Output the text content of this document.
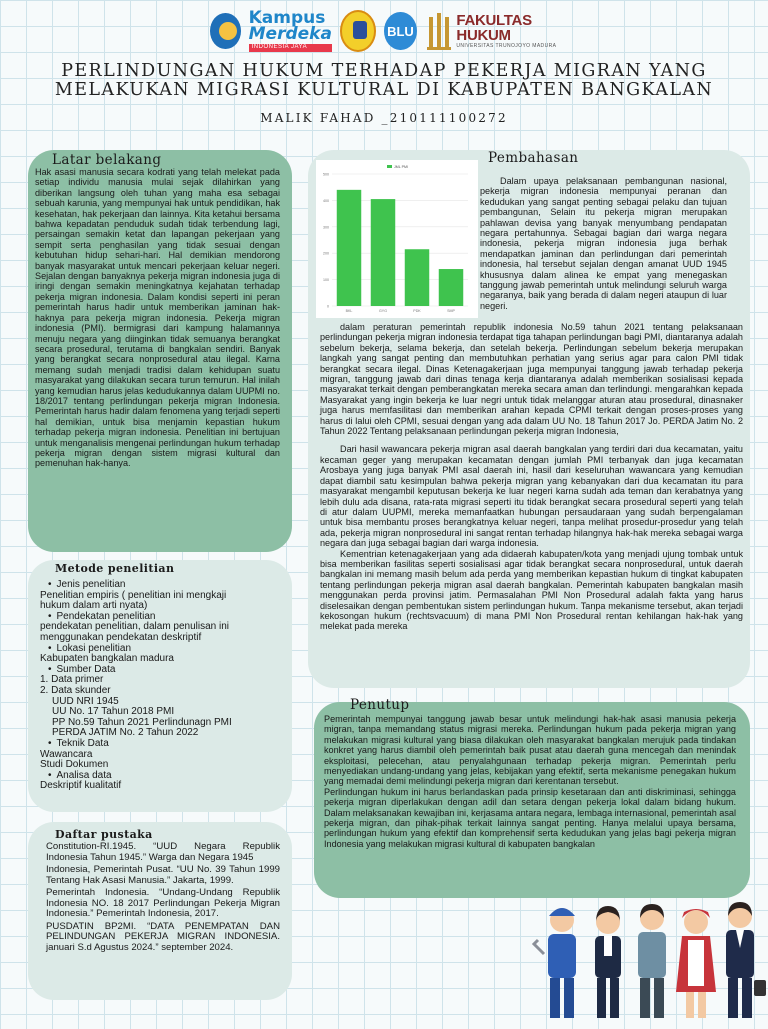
Kampus
Merdeka
INDONESIA JAYA
BLU
FAKULTAS HUKUM
UNIVERSITAS TRUNOJOYO MADURA
PERLINDUNGAN HUKUM TERHADAP PEKERJA MIGRAN YANG
MELAKUKAN MIGRASI KULTURAL DI KABUPATEN BANGKALAN
MALIK FAHAD _210111100272
Latar belakang
Hak asasi manusia secara kodrati yang telah melekat pada setiap individu manusia mulai sejak dilahirkan yang diberikan langsung oleh tuhan yang maha esa sebagai sebuah karunia, yang mempunyai hak untuk pendidikan, hak kesehatan, hak pekerjaan dan lainnya. Kita ketahui bersama bahwa kepadatan penduduk sudah tidak terbendung lagi, persaingan semakin ketat dan lapangan pekerjaan yang sempit serta penghasilan yang tidak sesuai dengan kebutuhan hidup sehari-hari. Hal demikian mendorong banyak masyarakat untuk mencari pekerjaan keluar negeri. Sejalan dengan banyaknya pekerja migran indonesia juga di iringi dengan semakin meningkatnya kejahatan terhadap pekerja migran indonesia. Dalam kondisi seperti ini peran pemerintah harus hadir untuk memberikan jaminan hak-haknya para pekerja migran indonesia. Pekerja migran indonesia (PMI). bermigrasi dari kampung halamannya menuju negara yang diinginkan tidak semuanya berangkat secara prosedural, terutama di bangkalan sendiri. Banyak yang berangkat secara nonprosedural atau ilegal. Karna memang sudah menjadi tradisi dalam kehidupan suatu masyarakat yang dilakukan secara turun temurun. Hal inilah yang kemudian harus jelas kedudukannya dalam UUPMI no. 18/2017 tentang perlindungan pekerja migran Indonesia. Pemerintah harus hadir dalam fenomena yang terjadi seperti hal demikian, untuk bisa menjamin kepastian hukum terhadap pekerja migran indonesia. Penelitian ini bertujuan untuk menganalisis mengenai perlindungan hukum terhadap pekerja migran dengan sistem migrasi kultural dan pemenuhan hak-hanya.
Metode penelitian
• Jenis penelitian
Penelitian empiris ( penelitian ini mengkaji
hukum dalam arti nyata)
• Pendekatan penelitian
pendekatan penelitian, dalam penulisan ini
menggunakan pendekatan deskriptif
• Lokasi penelitian
Kabupaten bangkalan madura
• Sumber Data
1. Data primer
2. Data skunder
UUD NRI 1945
UU No. 17 Tahun 2018 PMI
PP No.59 Tahun 2021 Perlindunagn PMI
PERDA JATIM No. 2 Tahun 2022
• Teknik Data
Wawancara
Studi Dokumen
• Analisa data
Deskriptif kualitatif
Daftar pustaka

Constitution-RI.1945. “UUD Negara Republik Indonesia Tahun 1945.” Warga dan Negara 1945

Indonesia, Pemerintah Pusat. “UU No. 39 Tahun 1999 Tentang Hak Asasi Manusia.” Jakarta, 1999.

Pemerintah Indonesia. “Undang-Undang Republik Indonesia NO. 18 2017 Perlindungan Pekerja Migran Indonesia.” Pemerintah Indonesia, 2017.

PUSDATIN BP2MI. “DATA PENEMPATAN DAN PELINDUNGAN PEKERJA MIGRAN INDONESIA. januari S.d Agustus 2024.” september 2024.

Pembahasan
0
100
200
300
400
500
JML PMI
BKL	GYG	PDK	SMP

Dalam upaya pelaksanaan pembangunan nasional, pekerja migran indonesia mempunyai peranan dan kedudukan yang sangat penting sebagai pelaku dan tujuan pembangunan, Selain itu pekerja migran merupakan pahlawan devisa yang banyak menyumbang pendapatan negara pertahunnya. Sebagai bagian dari warga negara indonesia, pekerja migran indonesia juga berhak mendapatkan jaminan dan perlindungan dari pemerintah indonesia, hal tersebut sejalan dengan amanat UUD 1945 khususnya dalam alinea ke empat yang menegaskan tanggung jawab pemerintah untuk melindungi seluruh warga negaranya, baik yang berada di dalam negeri ataupun di luar negeri.

dalam peraturan pemerintah republik indonesia No.59 tahun 2021 tentang pelaksanaan perlindungan pekerja migran indonesia terdapat tiga tahapan perlindungan bagi PMI, diantaranya adalah sebelum bekerja, selama bekerja, dan setelah bekerja. Perlindungan sebelum bekerja merupakan langkah yang sangat penting dan membutuhkan perhatian yang serius agar para calon PMI tidak berangkat secara ilegal. Dinas Ketenagakerjaan juga mempunyai tanggung jawab terhadap pekerja migran, tanggung jawab dari dinas tenaga kerja diantaranya adalah memberikan sosialisasi kepada masyarakat terkait dengan pemberangkatan mereka secara aman dan terlindungi. mengarahkan kepada Masyarakat yang ingin bekerja ke luar negri untuk tidak melanggar aturan atau prosedural, dinasnaker juga harus memfasilitasi dan memberikan arahan kepada CPMI terkait dengan proses-proses yang harus di lalui oleh CPMI, sesuai dengan yang ada dalam UU No. 18 Tahun 2017 Jo. PERDA Jatim No. 2 Tahun 2022 Tentang pelaksanaan perlindungan pekerja migran Indonesia,

Dari hasil wawancara pekerja migran asal daerah bangkalan yang terdiri dari dua kecamatan, yaitu kecaman geger yang merupakan kecamatan dengan jumlah PMI terbanyak dan juga kecamatan Arosbaya yang juga banyak PMI asal daerah ini, hasil dari keseluruhan wawancara yang kemudian dapat diambil satu kesimpulan bahwa pekerja migran yang kebanyakan dari dua kecamatan itu para masyarakat mengambil keputusan bekerja ke luar negeri karna sudah ada teman dan kerabatnya yang lebih dulu ada disana, rata-rata migrasi seperti itu tidak berangkat secara prosedural seperti yang telah di atur dalam UUPMI, mereka memanfaatkan hubungan persaudaraan yang sudah berpengalaman untuk bisa membantu proses berangkatnya keluar negeri, tanpa melihat prosedur-prosedur yang telah ada, pekerja migran nonprosedural ini sangat rentan terhadap hilangnya hak-hak mereka sebagai warga negara dan juga sebagai bagian dari warga indonesia.

Kementrian ketenagakerjaan yang ada didaerah kabupaten/kota yang menjadi ujung tombak untuk bisa memberikan fasilitas seperti sosialisasi agar tidak berangkat secara nonprosedural, untuk daerah bangkalan ini memang masih belum ada perda yang memberikan kepastian hukum di tingkat kabupaten tentang perlindungan pekerja migran asal daerah bangkalan. Pemerintah kabupaten bangkalan masih menggunakan perda provinsi jatim. Permasalahan PMI Non Prosedural adalah fakta yang harus diselesaikan dengan pembentukan sistem perlindungan hukum. Tanpa mekanisme tersebut, akan terjadi kekosongan hukum (rechtsvacuum) di mana PMI Non Prosedural rentan kehilangan hak-hak yang melekat pada mereka

Penutup

Pemerintah mempunyai tanggung jawab besar untuk melindungi hak-hak asasi manusia pekerja migran, tanpa memandang status migrasi mereka. Perlindungan hukum pada pekerja migran yang melakukan migrasi kultural yang biasa dilakukan oleh masyarakat bangkalan merujuk pada tindakan konkret yang harus diambil oleh pemerintah baik pusat atau daerah guna mencegah dan menindak eksploitasi, pelecehan, atau penyalahgunaan terhadap pekerja migran. Pemerintah perlu menyediakan undang-undang yang jelas, kebijakan yang efektif, serta mekanisme penegakan hukum yang memadai demi melindungi pekerja migran dari kerentanan tersebut.

Perlindungan hukum ini harus berlandaskan pada prinsip kesetaraan dan anti diskriminasi, sehingga pekerja migran diperlakukan dengan adil dan setara dengan pekerja lokal dalam bidang hukum. Dalam melaksanakan kewajiban ini, kerjasama antara negara, lembaga internasional, pemerintah asal pekerja migran, dan pihak-pihak terkait lainnya sangat penting. Hanya melalui upaya bersama, perlindungan hukum yang efektif dan komprehensif serta kedudukan yang jelas bagi pekerja migran Indonesia yang melakukan migrasi kultural di kabupaten bangkalan
